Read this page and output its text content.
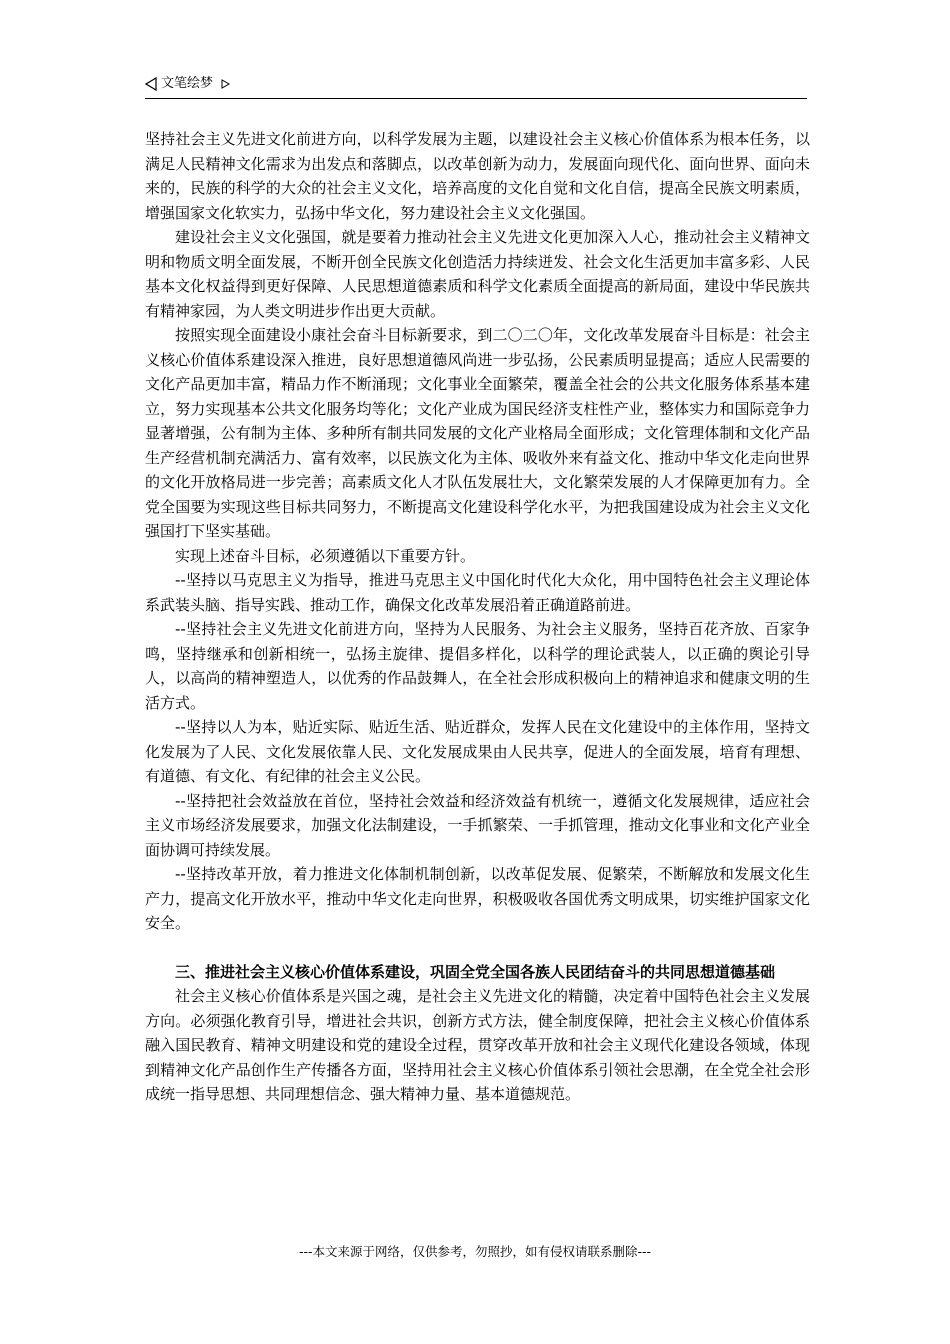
文笔绘梦

坚持社会主义先进文化前进方向，以科学发展为主题，以建设社会主义核心价值体系为根本任务，以满足人民精神文化需求为出发点和落脚点，以改革创新为动力，发展面向现代化、面向世界、面向未来的，民族的科学的大众的社会主义文化，培养高度的文化自觉和文化自信，提高全民族文明素质，增强国家文化软实力，弘扬中华文化，努力建设社会主义文化强国。

建设社会主义文化强国，就是要着力推动社会主义先进文化更加深入人心，推动社会主义精神文明和物质文明全面发展，不断开创全民族文化创造活力持续迸发、社会文化生活更加丰富多彩、人民基本文化权益得到更好保障、人民思想道德素质和科学文化素质全面提高的新局面，建设中华民族共有精神家园，为人类文明进步作出更大贡献。

按照实现全面建设小康社会奋斗目标新要求，到二〇二〇年，文化改革发展奋斗目标是：社会主义核心价值体系建设深入推进，良好思想道德风尚进一步弘扬，公民素质明显提高；适应人民需要的文化产品更加丰富，精品力作不断涌现；文化事业全面繁荣，覆盖全社会的公共文化服务体系基本建立，努力实现基本公共文化服务均等化；文化产业成为国民经济支柱性产业，整体实力和国际竞争力显著增强，公有制为主体、多种所有制共同发展的文化产业格局全面形成；文化管理体制和文化产品生产经营机制充满活力、富有效率，以民族文化为主体、吸收外来有益文化、推动中华文化走向世界的文化开放格局进一步完善；高素质文化人才队伍发展壮大，文化繁荣发展的人才保障更加有力。全党全国要为实现这些目标共同努力，不断提高文化建设科学化水平，为把我国建设成为社会主义文化强国打下坚实基础。

实现上述奋斗目标，必须遵循以下重要方针。

--坚持以马克思主义为指导，推进马克思主义中国化时代化大众化，用中国特色社会主义理论体系武装头脑、指导实践、推动工作，确保文化改革发展沿着正确道路前进。

--坚持社会主义先进文化前进方向，坚持为人民服务、为社会主义服务，坚持百花齐放、百家争鸣，坚持继承和创新相统一，弘扬主旋律、提倡多样化，以科学的理论武装人，以正确的舆论引导人，以高尚的精神塑造人，以优秀的作品鼓舞人，在全社会形成积极向上的精神追求和健康文明的生活方式。

--坚持以人为本，贴近实际、贴近生活、贴近群众，发挥人民在文化建设中的主体作用，坚持文化发展为了人民、文化发展依靠人民、文化发展成果由人民共享，促进人的全面发展，培育有理想、有道德、有文化、有纪律的社会主义公民。

--坚持把社会效益放在首位，坚持社会效益和经济效益有机统一，遵循文化发展规律，适应社会主义市场经济发展要求，加强文化法制建设，一手抓繁荣、一手抓管理，推动文化事业和文化产业全面协调可持续发展。

--坚持改革开放，着力推进文化体制机制创新，以改革促发展、促繁荣，不断解放和发展文化生产力，提高文化开放水平，推动中华文化走向世界，积极吸收各国优秀文明成果，切实维护国家文化安全。

三、推进社会主义核心价值体系建设，巩固全党全国各族人民团结奋斗的共同思想道德基础

社会主义核心价值体系是兴国之魂，是社会主义先进文化的精髓，决定着中国特色社会主义发展方向。必须强化教育引导，增进社会共识，创新方式方法，健全制度保障，把社会主义核心价值体系融入国民教育、精神文明建设和党的建设全过程，贯穿改革开放和社会主义现代化建设各领域，体现到精神文化产品创作生产传播各方面，坚持用社会主义核心价值体系引领社会思潮，在全党全社会形成统一指导思想、共同理想信念、强大精神力量、基本道德规范。

---本文来源于网络，仅供参考，勿照抄，如有侵权请联系删除---
